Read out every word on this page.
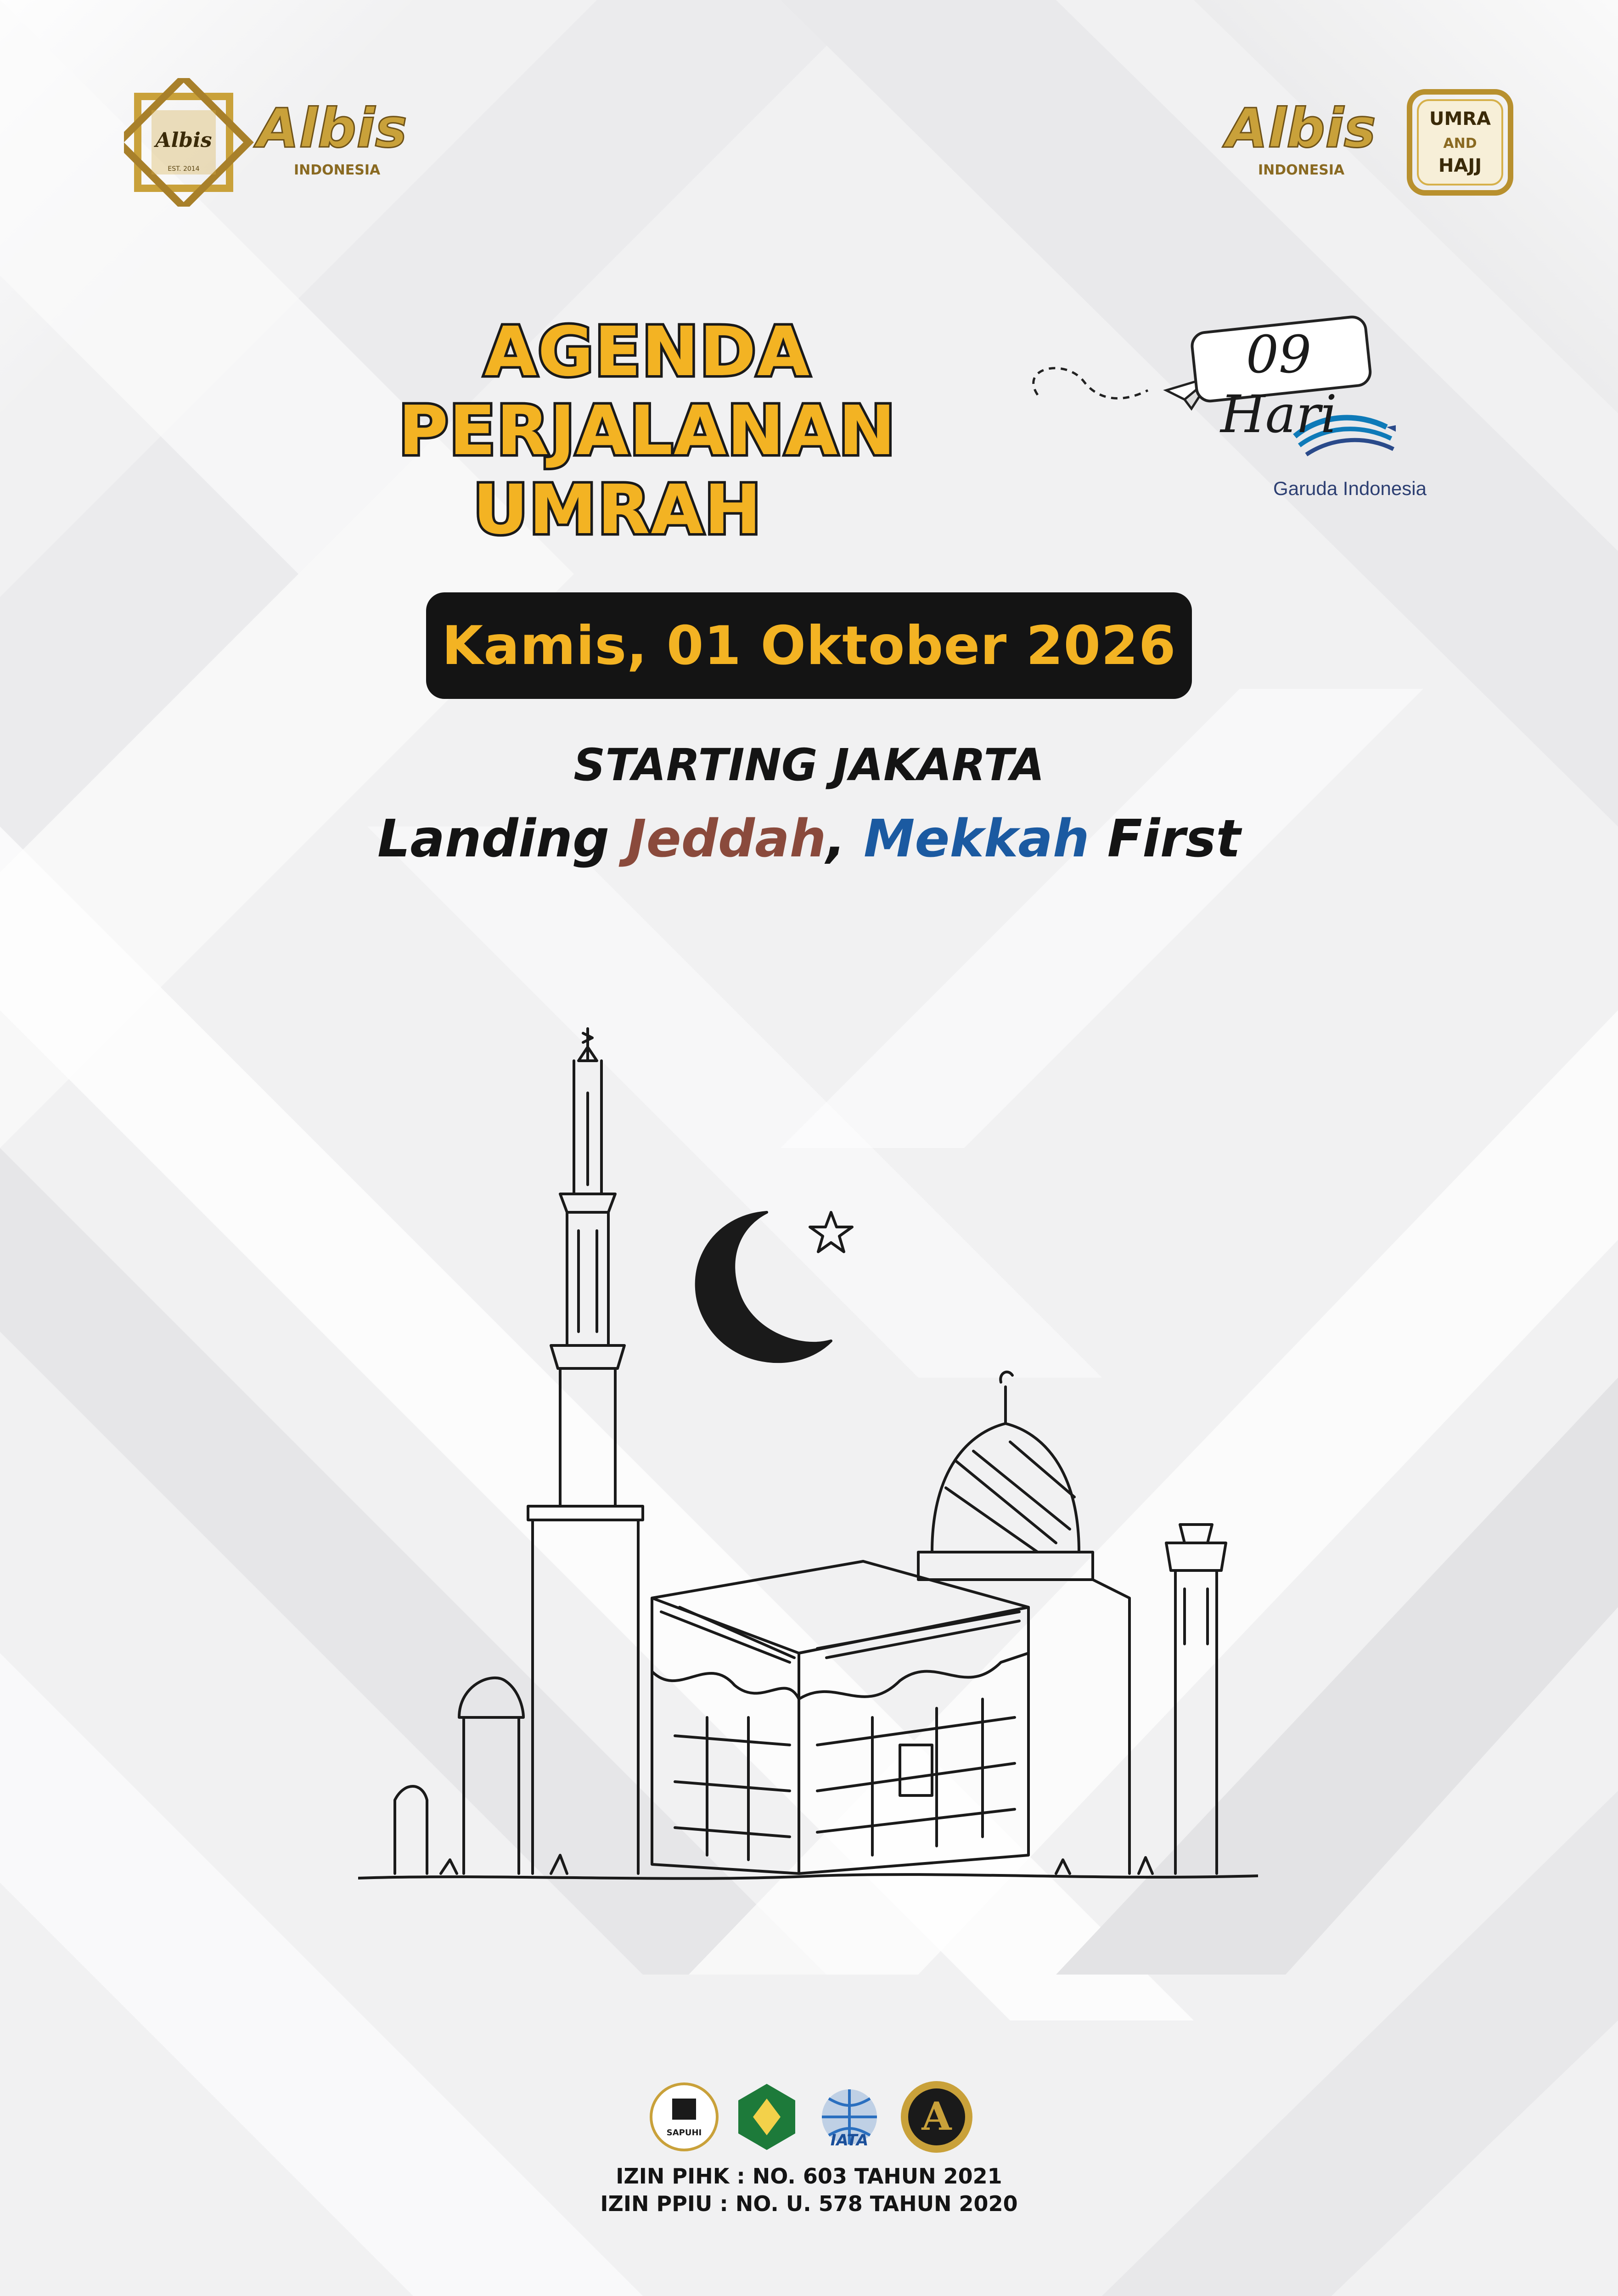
Albis
EST. 2014
Albis
INDONESIA
Albis
INDONESIA
UMRA
AND
HAJJ
AGENDA PERJALANAN
UMRAH
09 Hari
Garuda Indonesia
Kamis, 01 Oktober 2026
STARTING JAKARTA
Landing Jeddah, Mekkah First
SAPUHI	IATA
A
IZIN PIHK : NO. 603 TAHUN 2021
IZIN PPIU : NO. U. 578 TAHUN 2020
